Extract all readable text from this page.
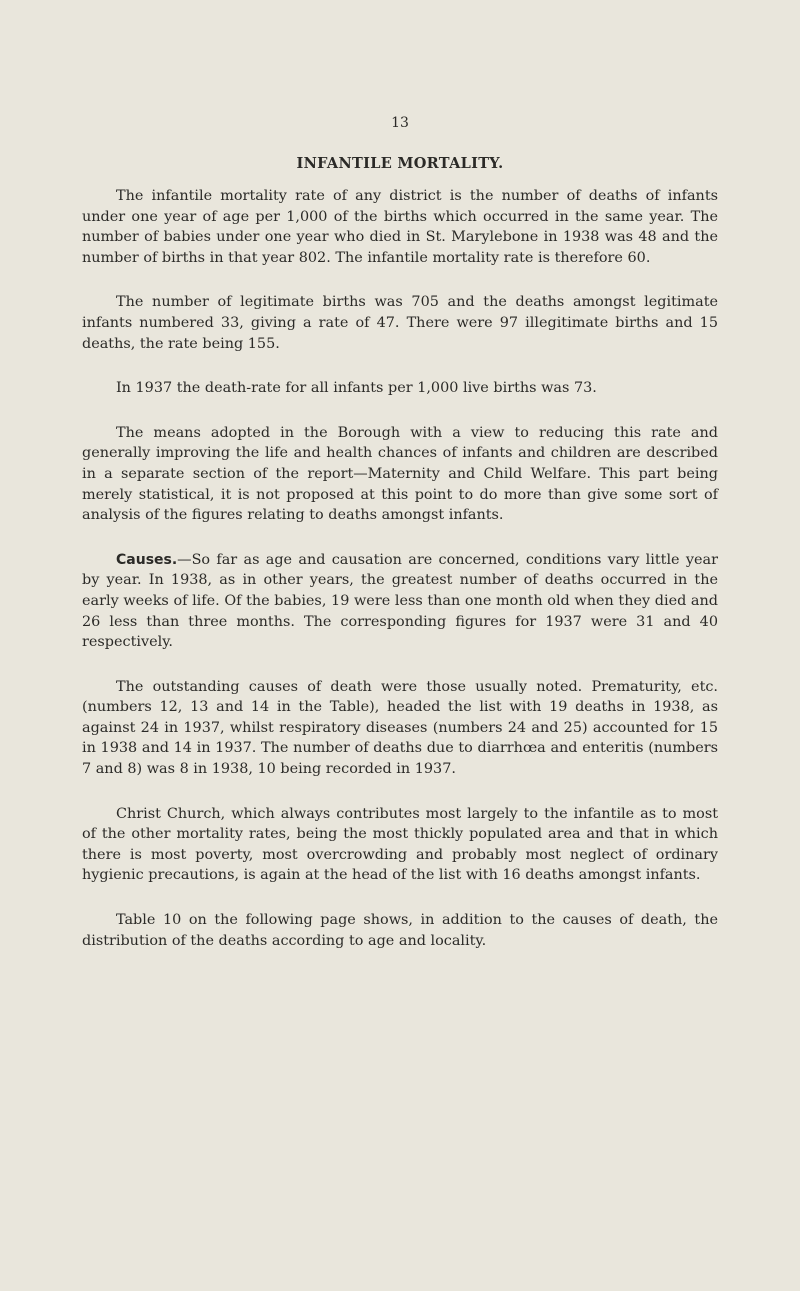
13
INFANTILE MORTALITY.

The infantile mortality rate of any district is the number of deaths of infants under one year of age per 1,000 of the births which occurred in the same year. The number of babies under one year who died in St. Marylebone in 1938 was 48 and the number of births in that year 802. The infantile mortality rate is therefore 60.

The number of legitimate births was 705 and the deaths amongst legitimate infants numbered 33, giving a rate of 47. There were 97 illegitimate births and 15 deaths, the rate being 155.

In 1937 the death-rate for all infants per 1,000 live births was 73.

The means adopted in the Borough with a view to reducing this rate and generally improving the life and health chances of infants and children are described in a separate section of the report—Maternity and Child Welfare. This part being merely statistical, it is not proposed at this point to do more than give some sort of analysis of the figures relating to deaths amongst infants.

Causes.—So far as age and causation are concerned, conditions vary little year by year. In 1938, as in other years, the greatest number of deaths occurred in the early weeks of life. Of the babies, 19 were less than one month old when they died and 26 less than three months. The corresponding figures for 1937 were 31 and 40 respectively.

The outstanding causes of death were those usually noted. Prematurity, etc. (numbers 12, 13 and 14 in the Table), headed the list with 19 deaths in 1938, as against 24 in 1937, whilst respiratory diseases (numbers 24 and 25) accounted for 15 in 1938 and 14 in 1937. The number of deaths due to diarrhœa and enteritis (numbers 7 and 8) was 8 in 1938, 10 being recorded in 1937.

Christ Church, which always contributes most largely to the infantile as to most of the other mortality rates, being the most thickly populated area and that in which there is most poverty, most overcrowding and probably most neglect of ordinary hygienic precautions, is again at the head of the list with 16 deaths amongst infants.

Table 10 on the following page shows, in addition to the causes of death, the distribution of the deaths according to age and locality.
